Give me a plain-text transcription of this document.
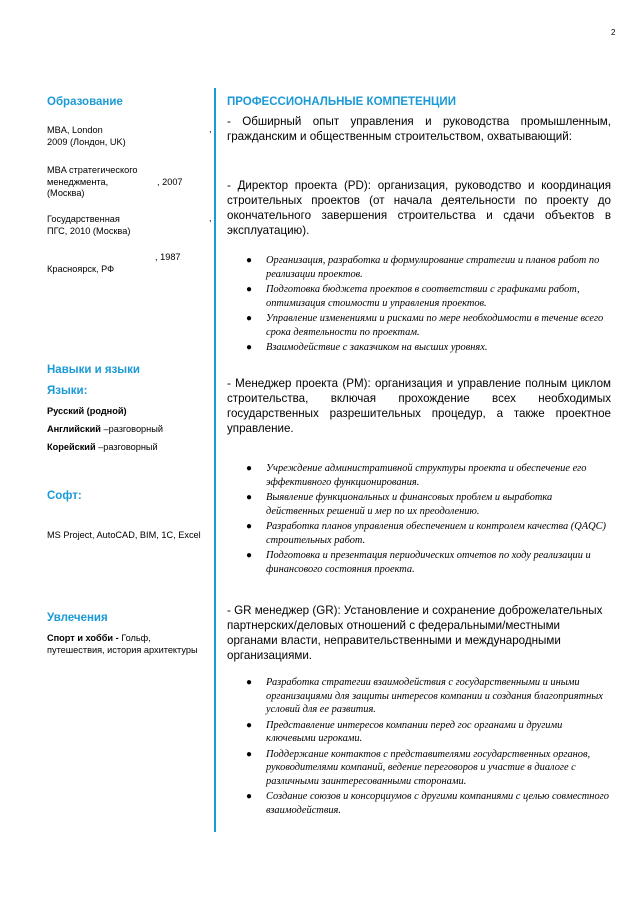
2
Образование
MBA, London	,
2009 (Лондон, UK)
MBA стратегического
менеджмента,	, 2007
(Москва)
Государственная	,
ПГС, 2010 (Москва)
, 1987
Красноярск, РФ
Навыки и языки
Языки:
Русский (родной)
Английский –разговорный
Корейский –разговорный
Софт:
MS Project, AutoCAD, BIM, 1C, Excel
Увлечения
Спорт и хобби - Гольф,
путешествия, история архитектуры
ПРОФЕССИОНАЛЬНЫЕ КОМПЕТЕНЦИИ
- Обширный опыт управления и руководства промышленным, гражданским и общественным строительством, охватывающий:
- Директор проекта (PD): организация, руководство и координация строительных проектов (от начала деятельности по проекту до окончательного завершения строительства и сдачи объектов в эксплуатацию).
● Организация, разработка и формулирование стратегии и планов работ по реализации проектов.
● Подготовка бюджета проектов в соответствии с графиками работ, оптимизация стоимости и управления проектов.
● Управление изменениями и рисками по мере необходимости в течение всего срока деятельности по проектам.
● Взаимодействие с заказчиком на высших уровнях.
- Менеджер проекта (PM): организация и управление полным циклом строительства, включая прохождение всех необходимых государственных разрешительных процедур, а также проектное управление.
● Учреждение административной структуры проекта и обеспечение его эффективного функционирования.
● Выявление функциональных и финансовых проблем и выработка действенных решений и мер по их преодолению.
● Разработка планов управления обеспечением и контролем качества (QAQC) строительных работ.
● Подготовка и презентация периодических отчетов по ходу реализации и финансового состояния проекта.
- GR менеджер (GR): Установление и сохранение доброжелательных партнерских/деловых отношений с федеральными/местными органами власти, неправительственными и международными организациями.
● Разработка стратегии взаимодействия с государственными и иными организациями для защиты интересов компании и создания благоприятных условий для ее развития.
● Представление интересов компании перед гос органами и другими ключевыми игроками.
● Поддержание контактов с представителями государственных органов, руководителями компаний, ведение переговоров и участие в диалоге с различными заинтересованными сторонами.
● Создание союзов и консорциумов с другими компаниями с целью совместного взаимодействия.
